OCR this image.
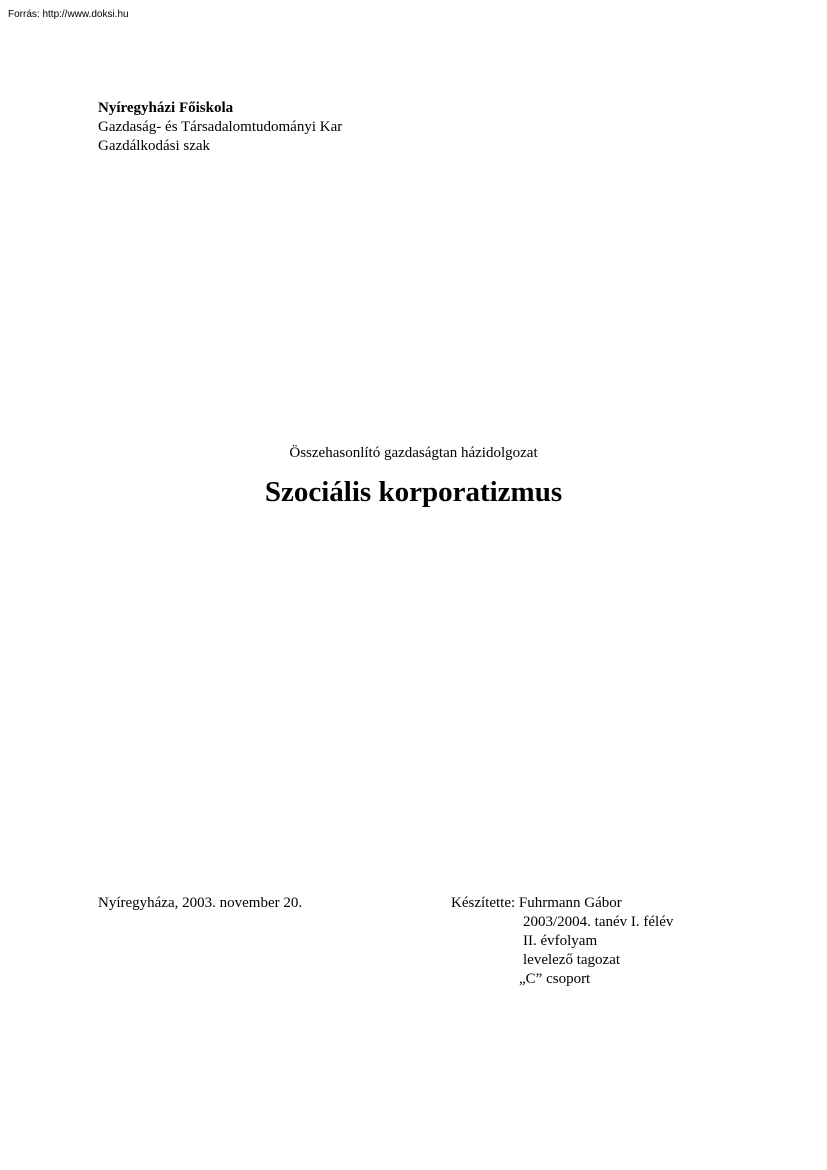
Forrás: http://www.doksi.hu
Nyíregyházi Főiskola
Gazdaság- és Társadalomtudományi Kar
Gazdálkodási szak
Összehasonlító gazdaságtan házidolgozat
Szociális korporatizmus
Nyíregyháza, 2003. november 20.	Készítette: Fuhrmann Gábor
2003/2004. tanév I. félév
II. évfolyam
levelező tagozat
„C” csoport
